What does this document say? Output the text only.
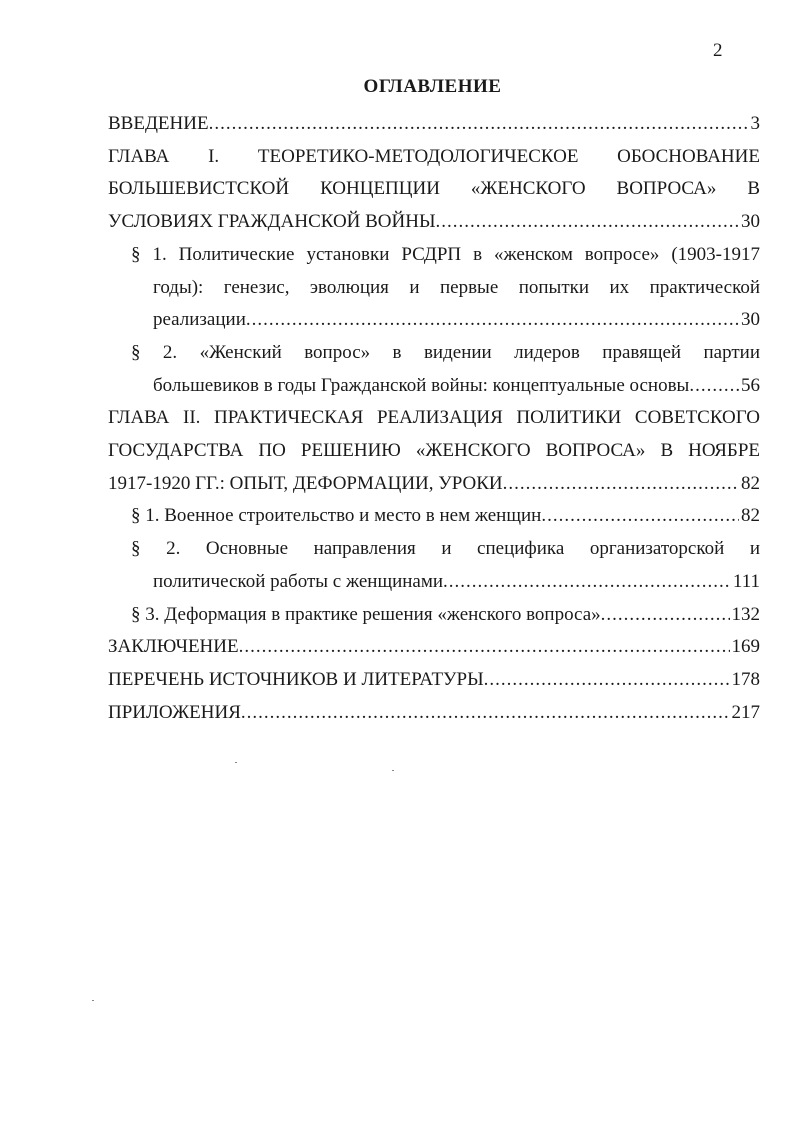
2
ОГЛАВЛЕНИЕ
ВВЕДЕНИЕ .....	3
ГЛАВА I. ТЕОРЕТИКО-МЕТОДОЛОГИЧЕСКОЕ ОБОСНОВАНИЕ
БОЛЬШЕВИСТСКОЙ КОНЦЕПЦИИ «ЖЕНСКОГО ВОПРОСА» В
УСЛОВИЯХ ГРАЖДАНСКОЙ ВОЙНЫ .....	30
§ 1. Политические установки РСДРП в «женском вопросе» (1903-1917
годы): генезис, эволюция и первые попытки их практической
реализации .....	30
§ 2. «Женский вопрос» в видении лидеров правящей партии
большевиков в годы Гражданской войны: концептуальные основы .....	56
ГЛАВА II. ПРАКТИЧЕСКАЯ РЕАЛИЗАЦИЯ ПОЛИТИКИ СОВЕТСКОГО
ГОСУДАРСТВА ПО РЕШЕНИЮ «ЖЕНСКОГО ВОПРОСА» В НОЯБРЕ
1917-1920 ГГ.: ОПЫТ, ДЕФОРМАЦИИ, УРОКИ .....	82
§ 1. Военное строительство и место в нем женщин .....	82
§ 2. Основные направления и специфика организаторской и
политической работы с женщинами .....	111
§ 3. Деформация в практике решения «женского вопроса» .....	132
ЗАКЛЮЧЕНИЕ .....	169
ПЕРЕЧЕНЬ ИСТОЧНИКОВ И ЛИТЕРАТУРЫ .....	178
ПРИЛОЖЕНИЯ .....	217
